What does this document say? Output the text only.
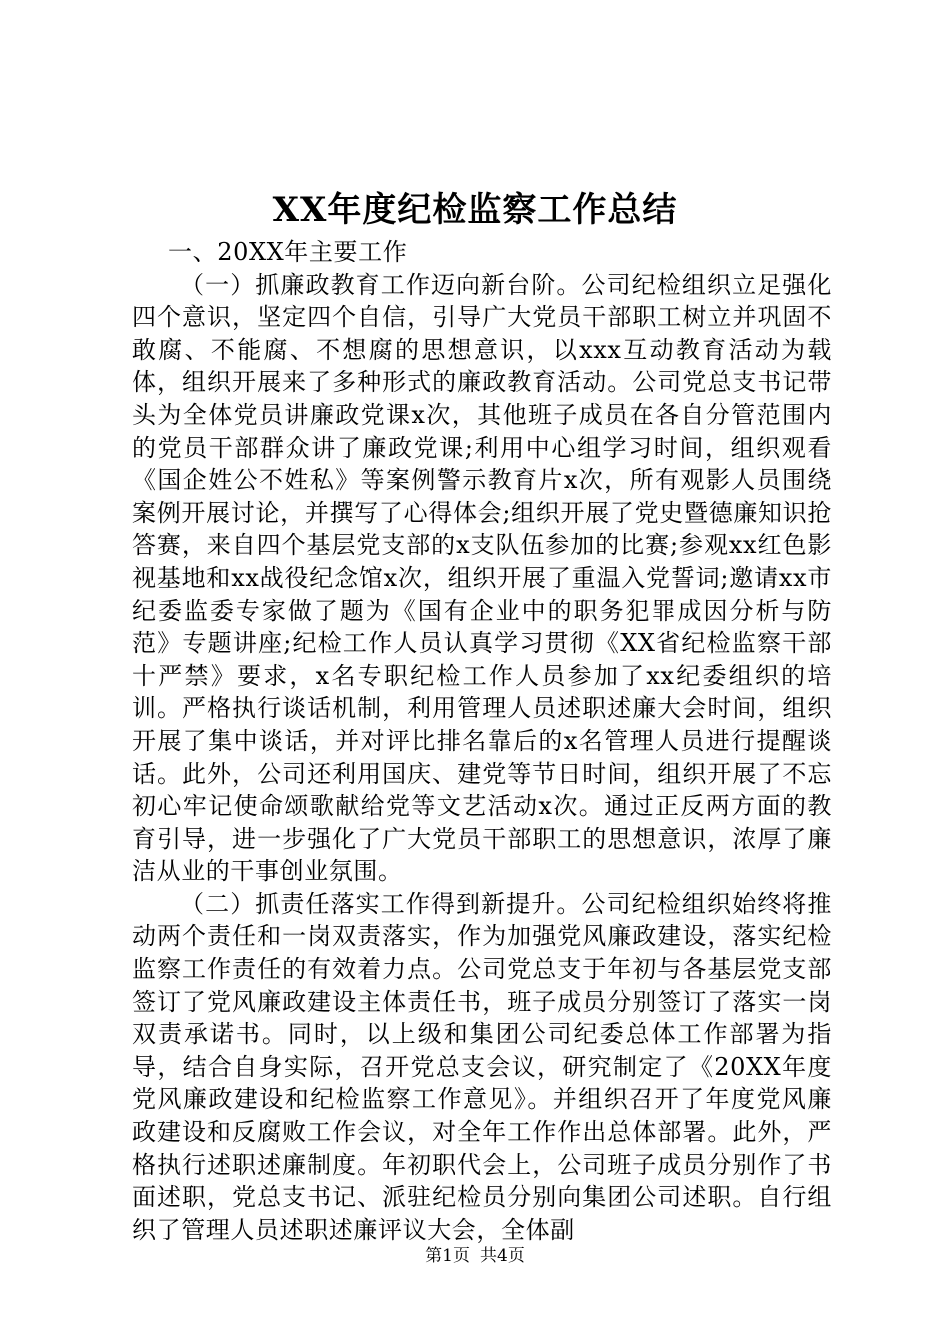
XX年度纪检监察工作总结

一、20XX年主要工作

（一）抓廉政教育工作迈向新台阶。公司纪检组织立足强化四个意识，坚定四个自信，引导广大党员干部职工树立并巩固不敢腐、不能腐、不想腐的思想意识，以xxx互动教育活动为载体，组织开展来了多种形式的廉政教育活动。公司党总支书记带头为全体党员讲廉政党课x次，其他班子成员在各自分管范围内的党员干部群众讲了廉政党课;利用中心组学习时间，组织观看《国企姓公不姓私》等案例警示教育片x次，所有观影人员围绕案例开展讨论，并撰写了心得体会;组织开展了党史暨德廉知识抢答赛，来自四个基层党支部的x支队伍参加的比赛;参观xx红色影视基地和xx战役纪念馆x次，组织开展了重温入党誓词;邀请xx市纪委监委专家做了题为《国有企业中的职务犯罪成因分析与防范》专题讲座;纪检工作人员认真学习贯彻《XX省纪检监察干部十严禁》要求，x名专职纪检工作人员参加了xx纪委组织的培训。严格执行谈话机制，利用管理人员述职述廉大会时间，组织开展了集中谈话，并对评比排名靠后的x名管理人员进行提醒谈话。此外，公司还利用国庆、建党等节日时间，组织开展了不忘初心牢记使命颂歌献给党等文艺活动x次。通过正反两方面的教育引导，进一步强化了广大党员干部职工的思想意识，浓厚了廉洁从业的干事创业氛围。

（二）抓责任落实工作得到新提升。公司纪检组织始终将推动两个责任和一岗双责落实，作为加强党风廉政建设，落实纪检监察工作责任的有效着力点。公司党总支于年初与各基层党支部签订了党风廉政建设主体责任书，班子成员分别签订了落实一岗双责承诺书。同时，以上级和集团公司纪委总体工作部署为指导，结合自身实际，召开党总支会议，研究制定了《20XX年度党风廉政建设和纪检监察工作意见》。并组织召开了年度党风廉政建设和反腐败工作会议，对全年工作作出总体部署。此外，严格执行述职述廉制度。年初职代会上，公司班子成员分别作了书面述职，党总支书记、派驻纪检员分别向集团公司述职。自行组织了管理人员述职述廉评议大会，全体副

第1页 共4页
